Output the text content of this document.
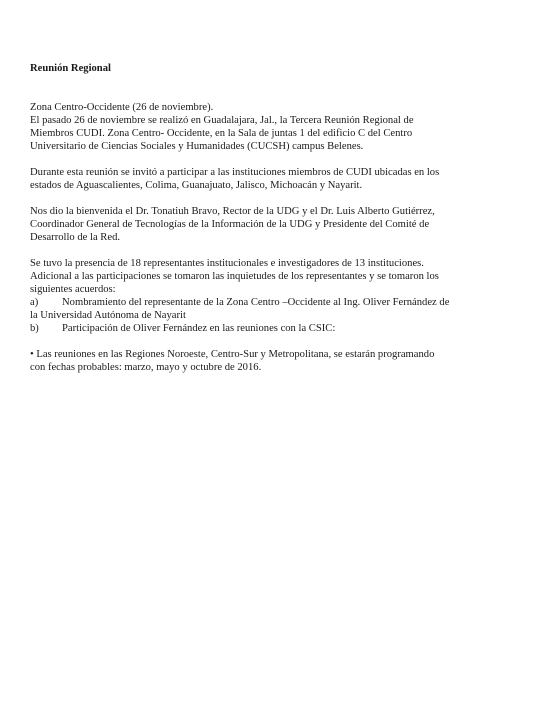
Reunión Regional
Zona Centro-Occidente (26 de noviembre).
El pasado 26 de noviembre se realizó en Guadalajara, Jal., la Tercera Reunión Regional de
Miembros CUDI. Zona Centro- Occidente, en la Sala de juntas 1 del edificio C del Centro
Universitario de Ciencias Sociales y Humanidades (CUCSH) campus Belenes.
Durante esta reunión se invitó a participar a las instituciones miembros de CUDI ubicadas en los
estados de Aguascalientes, Colima, Guanajuato, Jalisco, Michoacán y Nayarit.
Nos dio la bienvenida el Dr. Tonatiuh Bravo, Rector de la UDG y el Dr. Luis Alberto Gutiérrez,
Coordinador General de Tecnologías de la Información de la UDG y Presidente del Comité de
Desarrollo de la Red.
Se tuvo la presencia de 18 representantes institucionales e investigadores de 13 instituciones.
Adicional a las participaciones se tomaron las inquietudes de los representantes y se tomaron los
siguientes acuerdos:
a)	Nombramiento del representante de la Zona Centro –Occidente al Ing. Oliver Fernández de
la Universidad Autónoma de Nayarit
b)	Participación de Oliver Fernández en las reuniones con la CSIC:
• Las reuniones en las Regiones Noroeste, Centro-Sur y Metropolitana, se estarán programando
con fechas probables: marzo, mayo y octubre de 2016.
